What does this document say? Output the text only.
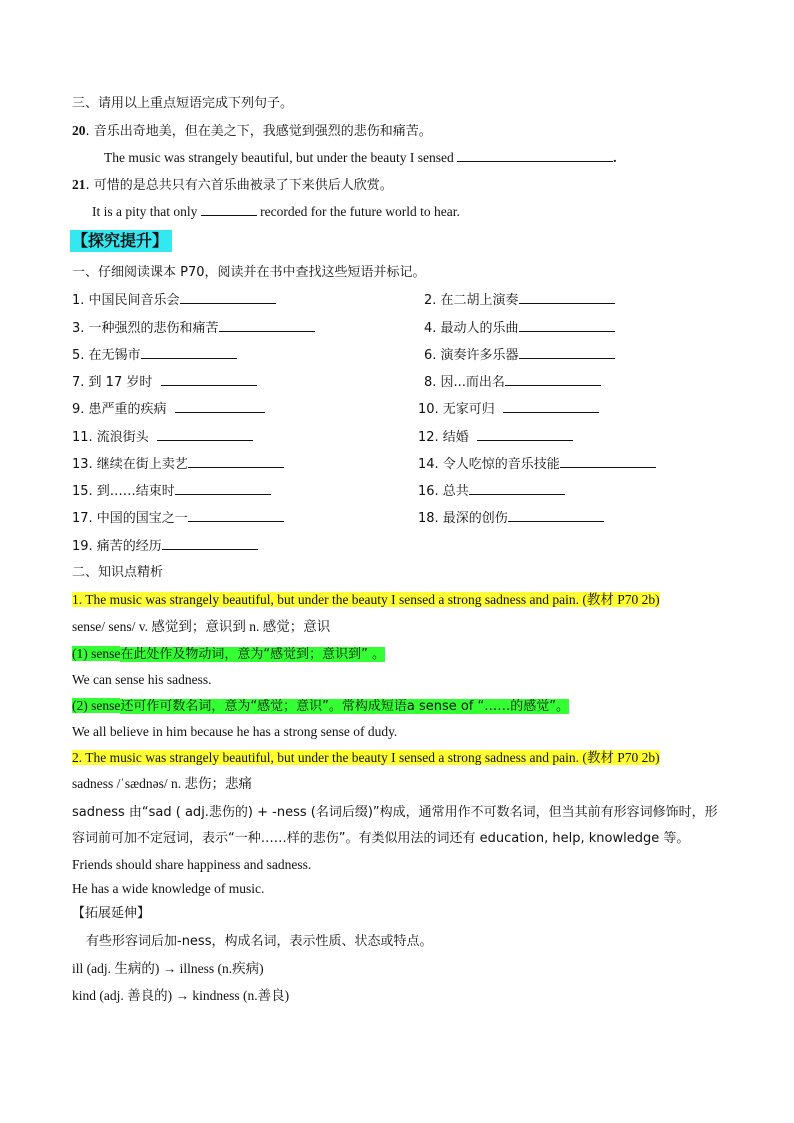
三、请用以上重点短语完成下列句子。
20. 音乐出奇地美，但在美之下，我感觉到强烈的悲伤和痛苦。
The music was strangely beautiful, but under the beauty I sensed	.
21. 可惜的是总共只有六首乐曲被录了下来供后人欣赏。
It is a pity that only	recorded for the future world to hear.
【探究提升】
一、仔细阅读课本 P70，阅读并在书中查找这些短语并标记。
1. 中国民间音乐会	2. 在二胡上演奏
3. 一种强烈的悲伤和痛苦	4. 最动人的乐曲
5. 在无锡市	6. 演奏许多乐器
7. 到 17 岁时	8. 因...而出名
9. 患严重的疾病	10. 无家可归
11. 流浪街头	12. 结婚
13. 继续在街上卖艺	14. 令人吃惊的音乐技能
15. 到……结束时	16. 总共
17. 中国的国宝之一	18. 最深的创伤
19. 痛苦的经历
二、知识点精析
1. The music was strangely beautiful, but under the beauty I sensed a strong sadness and pain. (教材 P70 2b)
sense/ sens/ v. 感觉到；意识到 n. 感觉；意识
(1) sense在此处作及物动词，意为“感觉到；意识到” 。
We can sense his sadness.
(2) sense还可作可数名词，意为“感觉；意识”。常构成短语a sense of “……的感觉”。
We all believe in him because he has a strong sense of dudy.
2. The music was strangely beautiful, but under the beauty I sensed a strong sadness and pain. (教材 P70 2b)
sadness /ˈsædnəs/ n. 悲伤；悲痛
sadness 由“sad ( adj.悲伤的) + -ness (名词后缀)”构成，通常用作不可数名词，但当其前有形容词修饰时，形容词前可加不定冠词，表示“一种……样的悲伤”。有类似用法的词还有 education, help, knowledge 等。
Friends should share happiness and sadness.
He has a wide knowledge of music.
【拓展延伸】
有些形容词后加-ness，构成名词，表示性质、状态或特点。
ill (adj. 生病的) → illness (n.疾病)
kind (adj. 善良的) → kindness (n.善良)
